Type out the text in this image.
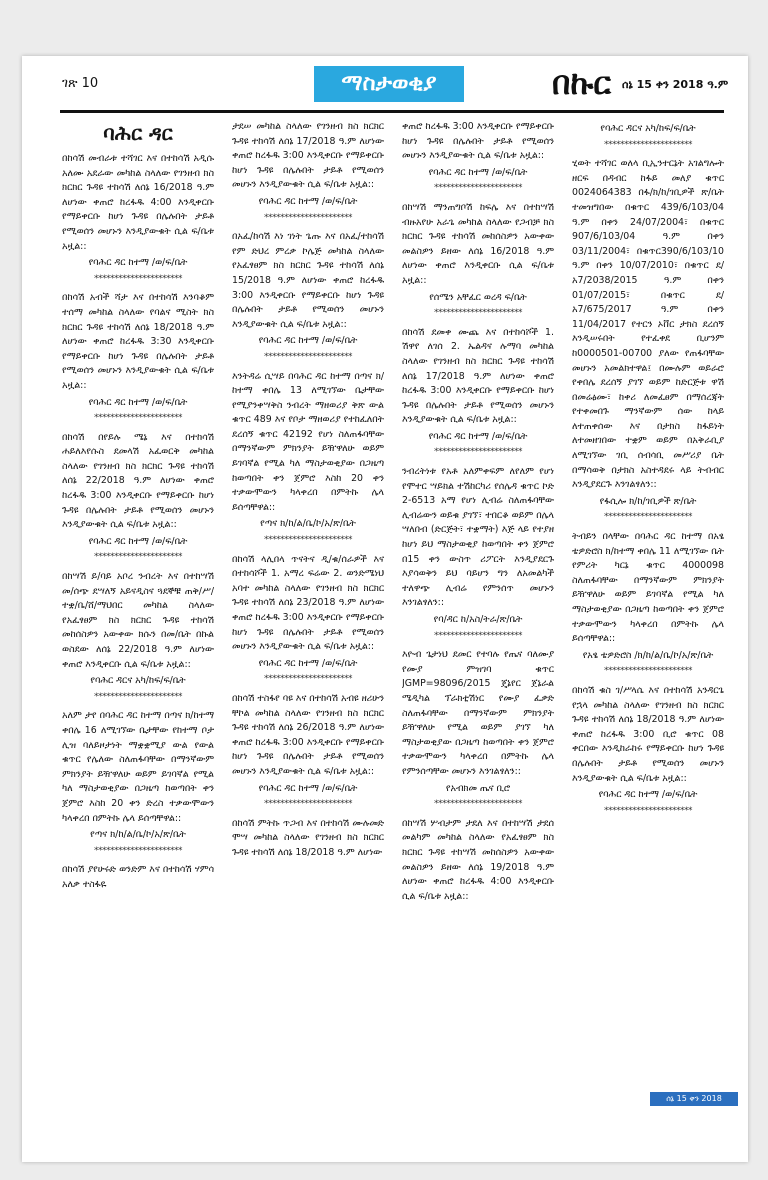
ገጽ 10	ማስታወቂያ	በኩር ሰኔ 15 ቀን 2018 ዓ.ም
ባሕር ዳር

በከሳሽ መብራቱ ተሻገር እና በተከሳሽ አዲሱ አለሙ አደራው መካከል ስላለው የገንዘብ ክስ ክርክር ጉዳዩ ተከሳሽ ለሰኔ 16/2018 ዓ.ም ለሆነው ቀጠሮ ከረፋዱ 4:00 እንዲቀርቡ የማይቀርቡ ከሆነ ጉዳዩ በሌሉበት ታይቶ የሚወሰን መሆኑን እንዲያውቁት ሲል ፍ/ቤቱ አዟል::

የባሕር ዳር ከተማ /ወ/ፍ/ቤት
**********************

በከሳሽ አብች ሻታ እና በተከሳሽ እንባቆም ተሰማ መካከል ስላለው የባልና ሚስት ክስ ክርክር ጉዳዩ ተከሳሽ ለሰኔ 18/2018 ዓ.ም ለሆነው ቀጠሮ ከረፋዱ 3:30 እንዲቀርቡ የማይቀርቡ ከሆነ ጉዳዩ በሌሉበት ታይቶ የሚወሰን መሆኑን እንዲያውቁት ሲል ፍ/ቤቱ አዟል::

የባሕር ዳር ከተማ /ወ/ፍ/ቤት
**********************

በከሳሽ በየይሉ ሜኔ እና በተከሳሽ ሐይለእየሱስ ደመላሽ አፈወርቅ መካከል ስላለው የገንዘብ ክስ ክርክር ጉዳዩ ተከሳሽ ለሰኔ 22/2018 ዓ.ም ለሆነው ቀጠሮ ከረፋዱ 3:00 እንዲቀርቡ የማይቀርቡ ከሆነ ጉዳዩ በሌሉበት ታይቶ የሚወሰን መሆኑን እንዲያውቁት ሲል ፍ/ቤቱ አዟል::

የባሕር ዳር ከተማ /ወ/ፍ/ቤት
**********************

በከሣሽ ይ/ባይ አቦረ ንብረት እና በተከሣሽ መ/ሰጭ ደሣለኝ አይናዲስና ጓደኞቹ ጠቅ/ሥ/ ተቋ/ቤ/ሸ/ማህበር መካከል ስላለው የአፈፃፀም ክስ ክርክር ጉዳዩ ተከሳሽ መከሰስዎን አውቀው ክሱን በመ/ቤት በኩል ወስደው ለሰኔ 22/2018 ዓ.ም ለሆነው ቀጠሮ እንዲቀርቡ ሲል ፍ/ቤቱ አዟል::

የባሕር ዳርና አካ/ከፍ/ፍ/ቤት
**********************

አለም ታየ በባሕር ዳር ከተማ በጣና ክ/ከተማ ቀበሌ 16 ለሚገኘው ቤታቸው የከተማ ቦታ ሊዝ ባለይዞታነት ማቋቋሚያ ውል የውል ቁጥር የሌለው ስለጠፋባቸው በማንኛውም ምክንያት ይዥዋለሁ ወይም ይገባኛል የሚል ካለ ማስታወቂያው በጋዜጣ ከወጣበት ቀን ጀምሮ እስከ 20 ቀን ድረስ ተቃውሞውን ካላቀረበ በምትኩ ሌላ ይሰጣቸዋል::

የጣና ክ/ከ/ል/ቤ/ኮ/አ/ጽ/ቤት
**********************

በከሳሽ ያየሁሩድ ወንድም እና በተከሳሽ ሃምሳ አለቃ ተስፋዬ

ታደሠ መካከል ስላለው የገንዘብ ክስ ክርክር ጉዳዩ ተከሳሽ ለሰኔ 17/2018 ዓ.ም ለሆነው ቀጠሮ ከረፋዱ 3:00 እንዲቀርቡ የማይቀርቡ ከሆነ ጉዳዩ በሌሉበት ታይቶ የሚወሰን መሆኑን እንዲያውቁት ሲል ፍ/ቤቱ አዟል::

የባሕር ዳር ከተማ /ወ/ፍ/ቤት
**********************

በአፈ/ከሳሽ እነ ገነት ጌጡ እና በአፈ/ተከሳሽ የም ድህረ ምረቃ ኮሌጅ መካከል ስላለው የአፈፃፀም ክስ ክርክር ጉዳዩ ተከሳሽ ለሰኔ 15/2018 ዓ.ም ለሆነው ቀጠሮ ከረፋዱ 3:00 እንዲቀርቡ የማይቀርቡ ከሆነ ጉዳዩ በሌሉበት ታይቶ የሚወሰን መሆኑን እንዲያውቁት ሲል ፍ/ቤቱ አዟል::

የባሕር ዳር ከተማ /ወ/ፍ/ቤት
**********************

እንትዳሬ ሲሣይ በባሕር ዳር ከተማ በጣና ክ/ከተማ ቀበሌ 13 ለሚገኘው ቤታቸው የሚያንቀሣቅስ ንብረት ማዘወሪያ ቅጽ ውል ቁጥር 489 እና የቦታ ማዘወሪያ የተከፈለበት ደረሰኝ ቁጥር 42192 የሆነ ስለጠፋባቸው በማንኛውም ምክንያት ይዥዋለሁ ወይም ይገባኛል የሚል ካለ ማስታወቂያው በጋዜጣ ከወጣበት ቀን ጀምሮ እስከ 20 ቀን ተቃውሞውን ካላቀረበ በምትኩ ሌላ ይሰጣቸዋል::

የጣና ክ/ከ/ል/ቤ/ኮ/አ/ጽ/ቤት
**********************

በከሳሽ ላሊበላ ጥናትና ዲ/ቁ/ሰራዎች እና በተከሳሾች 1. አማረ ፍሬው 2. ወንድሜነህ አባተ መካከል ስላለው የገንዘብ ክስ ክርክር ጉዳዩ ተከሳሽ ለሰኔ 23/2018 ዓ.ም ለሆነው ቀጠሮ ከረፋዱ 3:00 እንዲቀርቡ የማይቀርቡ ከሆነ ጉዳዩ በሌሉበት ታይቶ የሚወሰን መሆኑን እንዲያውቁት ሲል ፍ/ቤቱ አዟል::

የባሕር ዳር ከተማ /ወ/ፍ/ቤት
**********************

በከሳሽ ተስፋየ ባዩ እና በተከሳሽ አብዩ ዘሪሁን ቸኮል መካከል ስላለው የገንዘብ ክስ ክርክር ጉዳዩ ተከሳሽ ለሰኔ 26/2018 ዓ.ም ለሆነው ቀጠሮ ከረፋዱ 3:00 እንዲቀርቡ የማይቀርቡ ከሆነ ጉዳዩ በሌሉበት ታይቶ የሚወሰን መሆኑን እንዲያውቁት ሲል ፍ/ቤቱ አዟል::

የባሕር ዳር ከተማ /ወ/ፍ/ቤት
**********************

በከሳሽ ምትኩ ጥጋብ እና በተከሳሽ ሙሉመድ ሞሣ መካከል ስላለው የገንዘብ ክስ ክርክር ጉዳዩ ተከሳሽ ለሰኔ 18/2018 ዓ.ም ለሆነው

ቀጠሮ ከረፋዱ 3:00 እንዲቀርቡ የማይቀርቡ ከሆነ ጉዳዩ በሌሉበት ታይቶ የሚወሰን መሆኑን እንዲያውቁት ሲል ፍ/ቤቱ አዟል::

የባሕር ዳር ከተማ /ወ/ፍ/ቤት
**********************

በከሣሽ ማንጠግቦሽ ከፍሌ እና በተከሣሽ ብዙአየሁ አራጌ መካከል ስላለው የጋብቻ ክስ ክርክር ጉዳዩ ተከሳሽ መከሰስዎን አውቀው መልስዎን ይዘው ለሰኔ 16/2018 ዓ.ም ለሆነው ቀጠሮ እንዲቀርቡ ሲል ፍ/ቤቱ አዟል::

የሰሜን አቸፈር ወረዳ ፍ/ቤት
**********************

በከሳሽ ደመቀ ሙጨ እና በተከሳሾች 1. ሽዋየ ለገሰ 2. ኤልዳና ሉማባ መካከል ስላለው የገንዘብ ክስ ክርክር ጉዳዩ ተከሳሽ ለሰኔ 17/2018 ዓ.ም ለሆነው ቀጠሮ ከረፋዱ 3:00 እንዲቀርቡ የማይቀርቡ ከሆነ ጉዳዩ በሌሉበት ታይቶ የሚወሰን መሆኑን እንዲያውቁት ሲል ፍ/ቤቱ አዟል::

የባሕር ዳር ከተማ /ወ/ፍ/ቤት
**********************

ንብረትነቱ የአቶ አለምቀፍም ለየለም የሆነ የሞተር ሣይክል ተሽከርካሪ የሰሌዳ ቁጥር ኮድ 2-6513 አማ የሆነ ሊብሬ ስለጠፋባቸው ሊብሬውን ወይቁ ያገኘ፣ ተበርቆ ወይም በሌላ ሣለበብ (ድርጅት፣ ተቋማት) እጅ ላይ የተያዘ ከሆነ ይህ ማስታወቂያ ከወጣበት ቀን ጀምሮ በ15 ቀን ውስጥ ሪፖርት እንዲያደርጉ እያሳወቅን ይህ ባይሆን ግን ለአመልካች ተለዋጭ ሊብሬ የምንሰጥ መሆኑን እንገልፃለን::

የባ/ዳር ከ/አስ/ትራ/ጽ/ቤት
**********************

እዮብ ጌታነህ ደመር የተባሉ የጤና ባለሙያ የሙያ ምዝገባ ቁጥር JGMP=98096/2015 ጄኔየር ጀኔራል ሜዲካል ፕራክቲሽነር የሙያ ፈቃድ ስለጠፋባቸው በማንኛውም ምክንያት ይዥዋለሁ የሚል ወይም ያገኘ ካለ ማስታወቂያው በጋዜጣ ከወጣበት ቀን ጀምሮ ተቃውሞውን ካላቀረበ በምትኩ ሌላ የምንሰጣቸው መሆኑን እንገልፃለን::

የአብክመ ጤና ቢሮ
**********************

በከሣሽ ሦብታም ታደለ እና በተከሣሽ ታደሰ መልካም መካከል ስላለው የአፈፃፀም ክስ ክርክር ጉዳዩ ተከሣሽ መከሰስዎን አውቀው መልስዎን ይዘው ለሰኔ 19/2018 ዓ.ም ለሆነው ቀጠሮ ከረፋዱ 4:00 እንዲቀርቡ ሲል ፍ/ቤቱ አዟል::

የባሕር ዳርና አካ/ከፍ/ፍ/ቤት
**********************

ሂወት ተሻገር ወለላ ቢኢንተርኔት አገልግሎት ዘርፍ በዳብር ከፋይ መለያ ቁጥር 0024064383 በፋ/ክ/ከ/ገቢዎች ጽ/ቤት ተመዝግበው በቁጥር 439/6/103/04 ዓ.ም በቀን 24/07/2004፣ በቁጥር 907/6/103/04 ዓ.ም በቀን 03/11/2004፣ በቁጥር390/6/103/10 ዓ.ም በቀን 10/07/2010፣ በቁጥር ደ/አ7/2038/2015 ዓ.ም በቀን 01/07/2015፣ በቁጥር ደ/አ7/675/2017 ዓ.ም በቀን 11/04/2017 የተርን ኦቨር ታክስ ደረሰኝ እንዲሠሩበት የተፈቀደ ቢሆንም ከ0000501-00700 ያለው የጠፋባቸው መሆኑን አመልክተዋል፤ በሙሉም ወይራሮ የቀበሌ ደረሰኝ ያገኘ ወይም ከድርጅቱ ዋሽ በመሬፅሙ፣ ከቀሪ ለመፈፀም በማሰረጃት የተቀመበጉ ማንኛውም ሰው ከላይ ለተጠቀሰው እና በታክስ ከፋይነት ለተመዘገበው ተቋም ወይም በአቅራቢያ ለሚገኘው ገቢ ሰብሳቢ መሥሪያ ቤት በማሳወቅ በታክስ አስተዳደሩ ላይ ትብብር እንዲያደርጉ እንገልፃለን::

የፋሲሎ ክ/ከ/ገቢዎች ጽ/ቤት
**********************

ትብይን በላቸው በባሕር ዳር ከተማ በአፄ ቴዎድሮስ ክ/ከተማ ቀበሌ 11 ለሚገኘው ቤት የምሪት ካርኔ ቁጥር 4000098 ስለጠፋባቸው በማንኛውም ምክንያት ይዥዋለሁ ወይም ይገባኛል የሚል ካለ ማስታወቂያው በጋዜጣ ከወጣበት ቀን ጀምሮ ተቃውሞውን ካላቀረበ በምትኩ ሌላ ይሰጣቸዋል::

የአፄ ቴዎድሮስ /ክ/ከ/ል/ቤ/ኮ/አ/ጽ/ቤት
**********************

በከሳሽ ቁስ ገ/ሥላሴ እና በተከሳሽ አንዳርጌ የኋላ መካከል ስላለው የገንዘብ ክስ ክርክር ጉዳዩ ተከሳሽ ለሰኔ 18/2018 ዓ.ም ለሆነው ቀጠሮ ከረፋዱ 3:00 ቢሮ ቁጥር 08 ቀርበው እንዲከራከሩ የማይቀርቡ ከሆነ ጉዳዩ በሌሉበት ታይቶ የሚወሰን መሆኑን እንዲያውቁት ሲል ፍ/ቤቱ አዟል::

የባሕር ዳር ከተማ /ወ/ፍ/ቤት
**********************
ሰኔ 15 ቀን 2018
